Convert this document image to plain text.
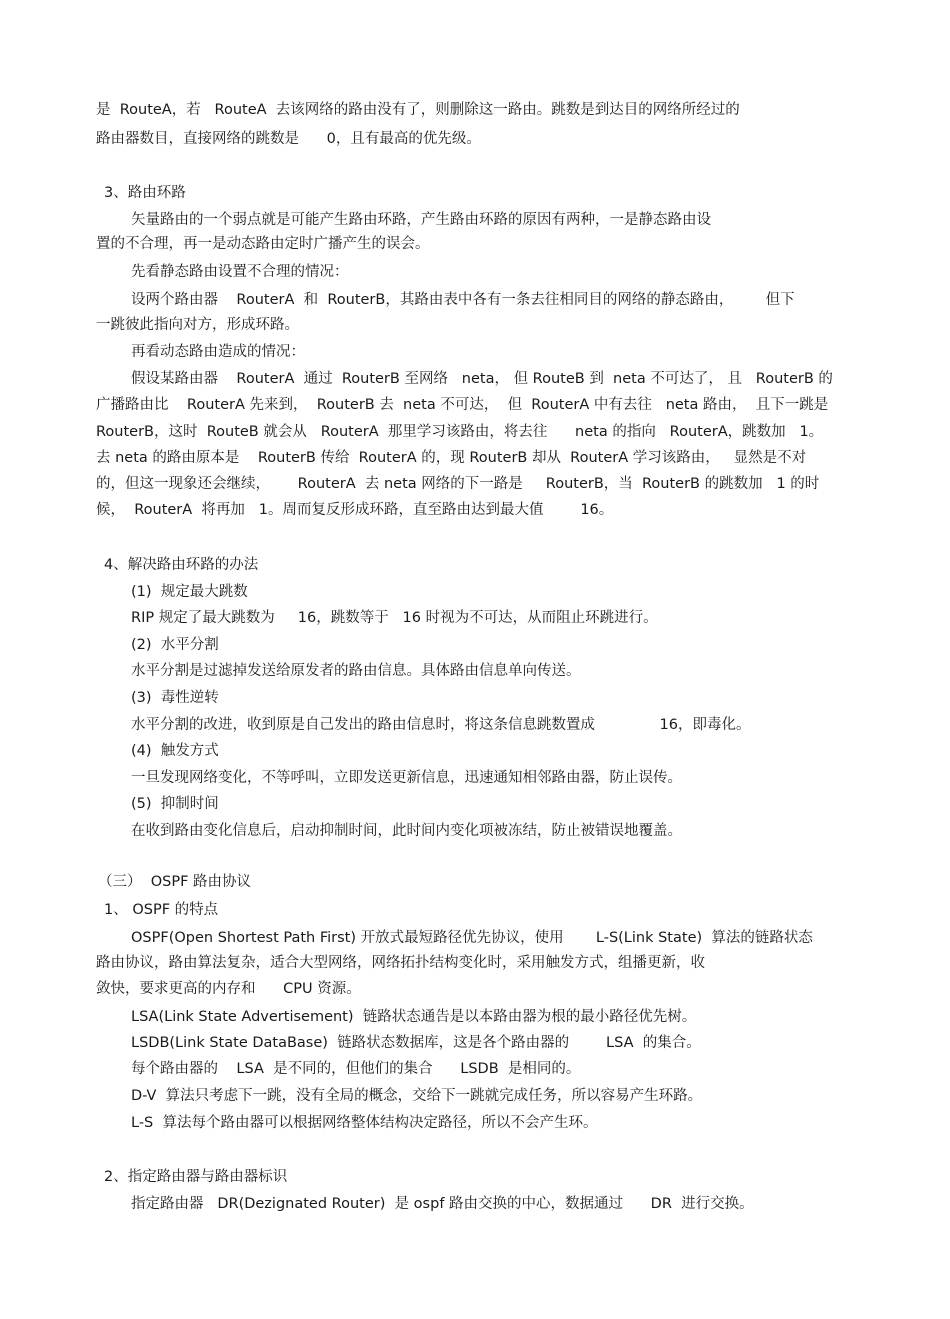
是  RouteA，若   RouteA  去该网络的路由没有了，则删除这一路由。跳数是到达目的网络所经过的
路由器数目，直接网络的跳数是      0，且有最高的优先级。
3、路由环路
矢量路由的一个弱点就是可能产生路由环路，产生路由环路的原因有两种，一是静态路由设
置的不合理，再一是动态路由定时广播产生的误会。
先看静态路由设置不合理的情况：
设两个路由器    RouterA  和  RouterB，其路由表中各有一条去往相同目的网络的静态路由，       但下
一跳彼此指向对方，形成环路。
再看动态路由造成的情况：
假设某路由器    RouterA  通过  RouterB 至网络   neta， 但 RouteB 到  neta 不可达了， 且   RouterB 的
广播路由比    RouterA 先来到，  RouterB 去  neta 不可达，  但  RouterA 中有去往   neta 路由，  且下一跳是
RouterB，这时  RouteB 就会从   RouterA  那里学习该路由，将去往      neta 的指向   RouterA，跳数加   1。
去 neta 的路由原本是    RouterB 传给  RouterA 的，现 RouterB 却从  RouterA 学习该路由，   显然是不对
的，但这一现象还会继续，      RouterA  去 neta 网络的下一路是     RouterB，当  RouterB 的跳数加   1 的时
候，  RouterA  将再加   1。周而复反形成环路，直至路由达到最大值        16。
4、解决路由环路的办法
(1)  规定最大跳数
RIP 规定了最大跳数为     16，跳数等于   16 时视为不可达，从而阻止环跳进行。
(2)  水平分割
水平分割是过滤掉发送给原发者的路由信息。具体路由信息单向传送。
(3)  毒性逆转
水平分割的改进，收到原是自己发出的路由信息时，将这条信息跳数置成              16，即毒化。
(4)  触发方式
一旦发现网络变化，不等呼叫，立即发送更新信息，迅速通知相邻路由器，防止误传。
(5)  抑制时间
在收到路由变化信息后，启动抑制时间，此时间内变化项被冻结，防止被错误地覆盖。
（三）  OSPF 路由协议
1、 OSPF 的特点
OSPF(Open Shortest Path First) 开放式最短路径优先协议，使用       L-S(Link State)  算法的链路状态
路由协议，路由算法复杂，适合大型网络，网络拓扑结构变化时，采用触发方式，组播更新，收
敛快，要求更高的内存和      CPU 资源。
LSA(Link State Advertisement)  链路状态通告是以本路由器为根的最小路径优先树。
LSDB(Link State DataBase)  链路状态数据库，这是各个路由器的        LSA  的集合。
每个路由器的    LSA  是不同的，但他们的集合      LSDB  是相同的。
D-V  算法只考虑下一跳，没有全局的概念，交给下一跳就完成任务，所以容易产生环路。
L-S  算法每个路由器可以根据网络整体结构决定路径，所以不会产生环。
2、指定路由器与路由器标识
指定路由器   DR(Dezignated Router)  是 ospf 路由交换的中心，数据通过      DR  进行交换。
